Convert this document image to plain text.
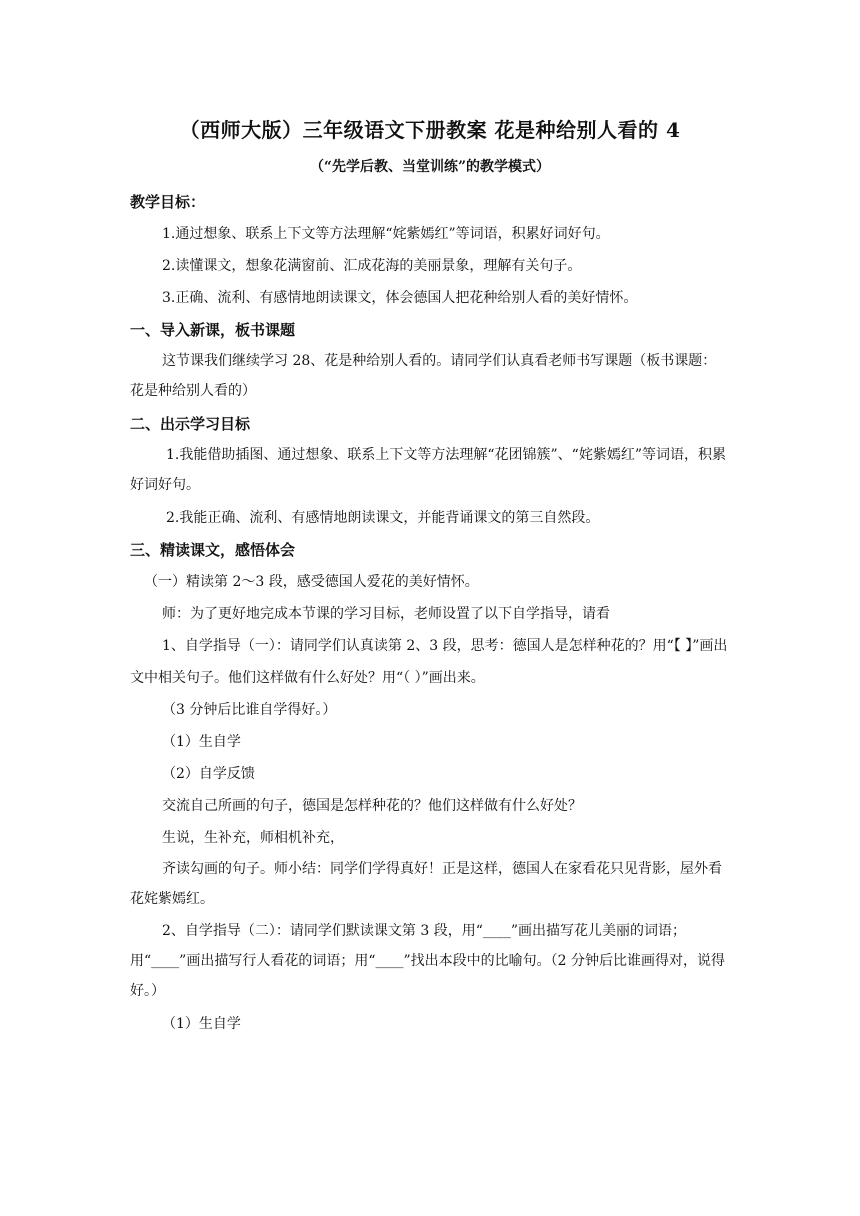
（西师大版）三年级语文下册教案 花是种给别人看的 4
（“先学后教、当堂训练”的教学模式）

教学目标：

1.通过想象、联系上下文等方法理解“姹紫嫣红”等词语，积累好词好句。

2.读懂课文，想象花满窗前、汇成花海的美丽景象，理解有关句子。

3.正确、流利、有感情地朗读课文，体会德国人把花种给别人看的美好情怀。

一、导入新课，板书课题

这节课我们继续学习 28、花是种给别人看的。请同学们认真看老师书写课题（板书课题：花是种给别人看的）

二、出示学习目标

1.我能借助插图、通过想象、联系上下文等方法理解“花团锦簇”、“姹紫嫣红”等词语，积累好词好句。

2.我能正确、流利、有感情地朗读课文，并能背诵课文的第三自然段。

三、精读课文，感悟体会

（一）精读第 2～3 段，感受德国人爱花的美好情怀。

师：为了更好地完成本节课的学习目标，老师设置了以下自学指导，请看

1、自学指导（一）：请同学们认真读第 2、3 段，思考：德国人是怎样种花的？用“【 】”画出文中相关句子。他们这样做有什么好处？用“（ ）”画出来。

（3 分钟后比谁自学得好。）

（1）生自学

（2）自学反馈

交流自己所画的句子，德国是怎样种花的？他们这样做有什么好处？

生说，生补充，师相机补充，

齐读勾画的句子。师小结：同学们学得真好！正是这样，德国人在家看花只见背影，屋外看花姹紫嫣红。

2、自学指导（二）：请同学们默读课文第 3 段，用“____”画出描写花儿美丽的词语；用“____”画出描写行人看花的词语；用“____”找出本段中的比喻句。（2 分钟后比谁画得对，说得好。）

（1）生自学
